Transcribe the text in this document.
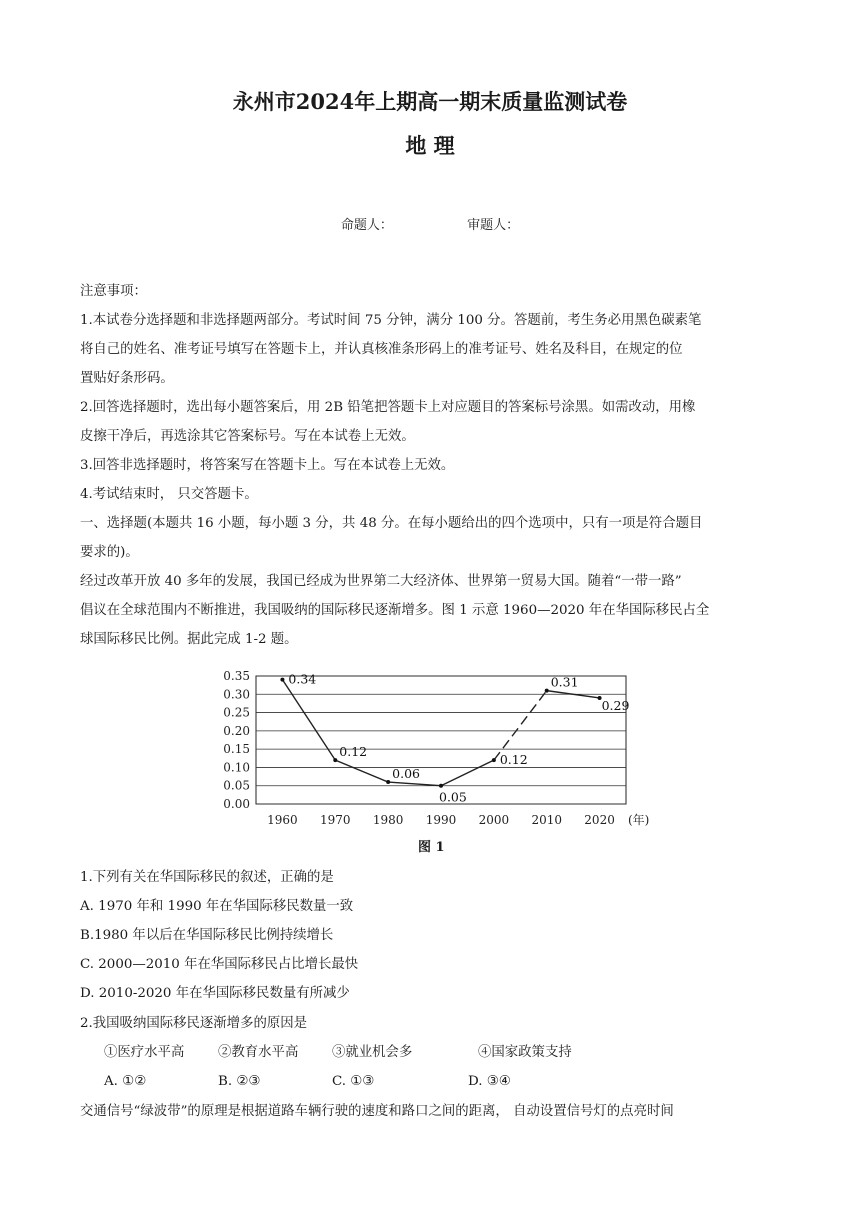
永州市2024年上期高一期末质量监测试卷
地 理
命题人：	审题人：
注意事项：
1.本试卷分选择题和非选择题两部分。考试时间 75 分钟，满分 100 分。答题前，考生务必用黑色碳素笔
将自己的姓名、准考证号填写在答题卡上，并认真核准条形码上的准考证号、姓名及科目，在规定的位
置贴好条形码。
2.回答选择题时，选出每小题答案后，用 2B 铅笔把答题卡上对应题目的答案标号涂黑。如需改动，用橡
皮擦干净后，再选涂其它答案标号。写在本试卷上无效。
3.回答非选择题时，将答案写在答题卡上。写在本试卷上无效。
4.考试结束时， 只交答题卡。
一、选择题(本题共 16 小题，每小题 3 分，共 48 分。在每小题给出的四个选项中，只有一项是符合题目
要求的)。
经过改革开放 40 多年的发展，我国已经成为世界第二大经济体、世界第一贸易大国。随着“一带一路”
倡议在全球范围内不断推进，我国吸纳的国际移民逐渐增多。图 1 示意 1960—2020 年在华国际移民占全
球国际移民比例。据此完成 1-2 题。
0.35
0.30
0.25
0.20
0.15
0.10
0.05
0.00
1960 1970 1980 1990 2000 2010 2020 (年)
0.34
0.12
0.06
0.05
0.12
0.31
0.29
图 1
1.下列有关在华国际移民的叙述，正确的是
A. 1970 年和 1990 年在华国际移民数量一致
B.1980 年以后在华国际移民比例持续增长
C. 2000—2010 年在华国际移民占比增长最快
D. 2010-2020 年在华国际移民数量有所减少
2.我国吸纳国际移民逐渐增多的原因是
①医疗水平高	②教育水平高	③就业机会多	④国家政策支持
A. ①②	B. ②③	C. ①③	D. ③④
交通信号“绿波带”的原理是根据道路车辆行驶的速度和路口之间的距离， 自动设置信号灯的点亮时间
